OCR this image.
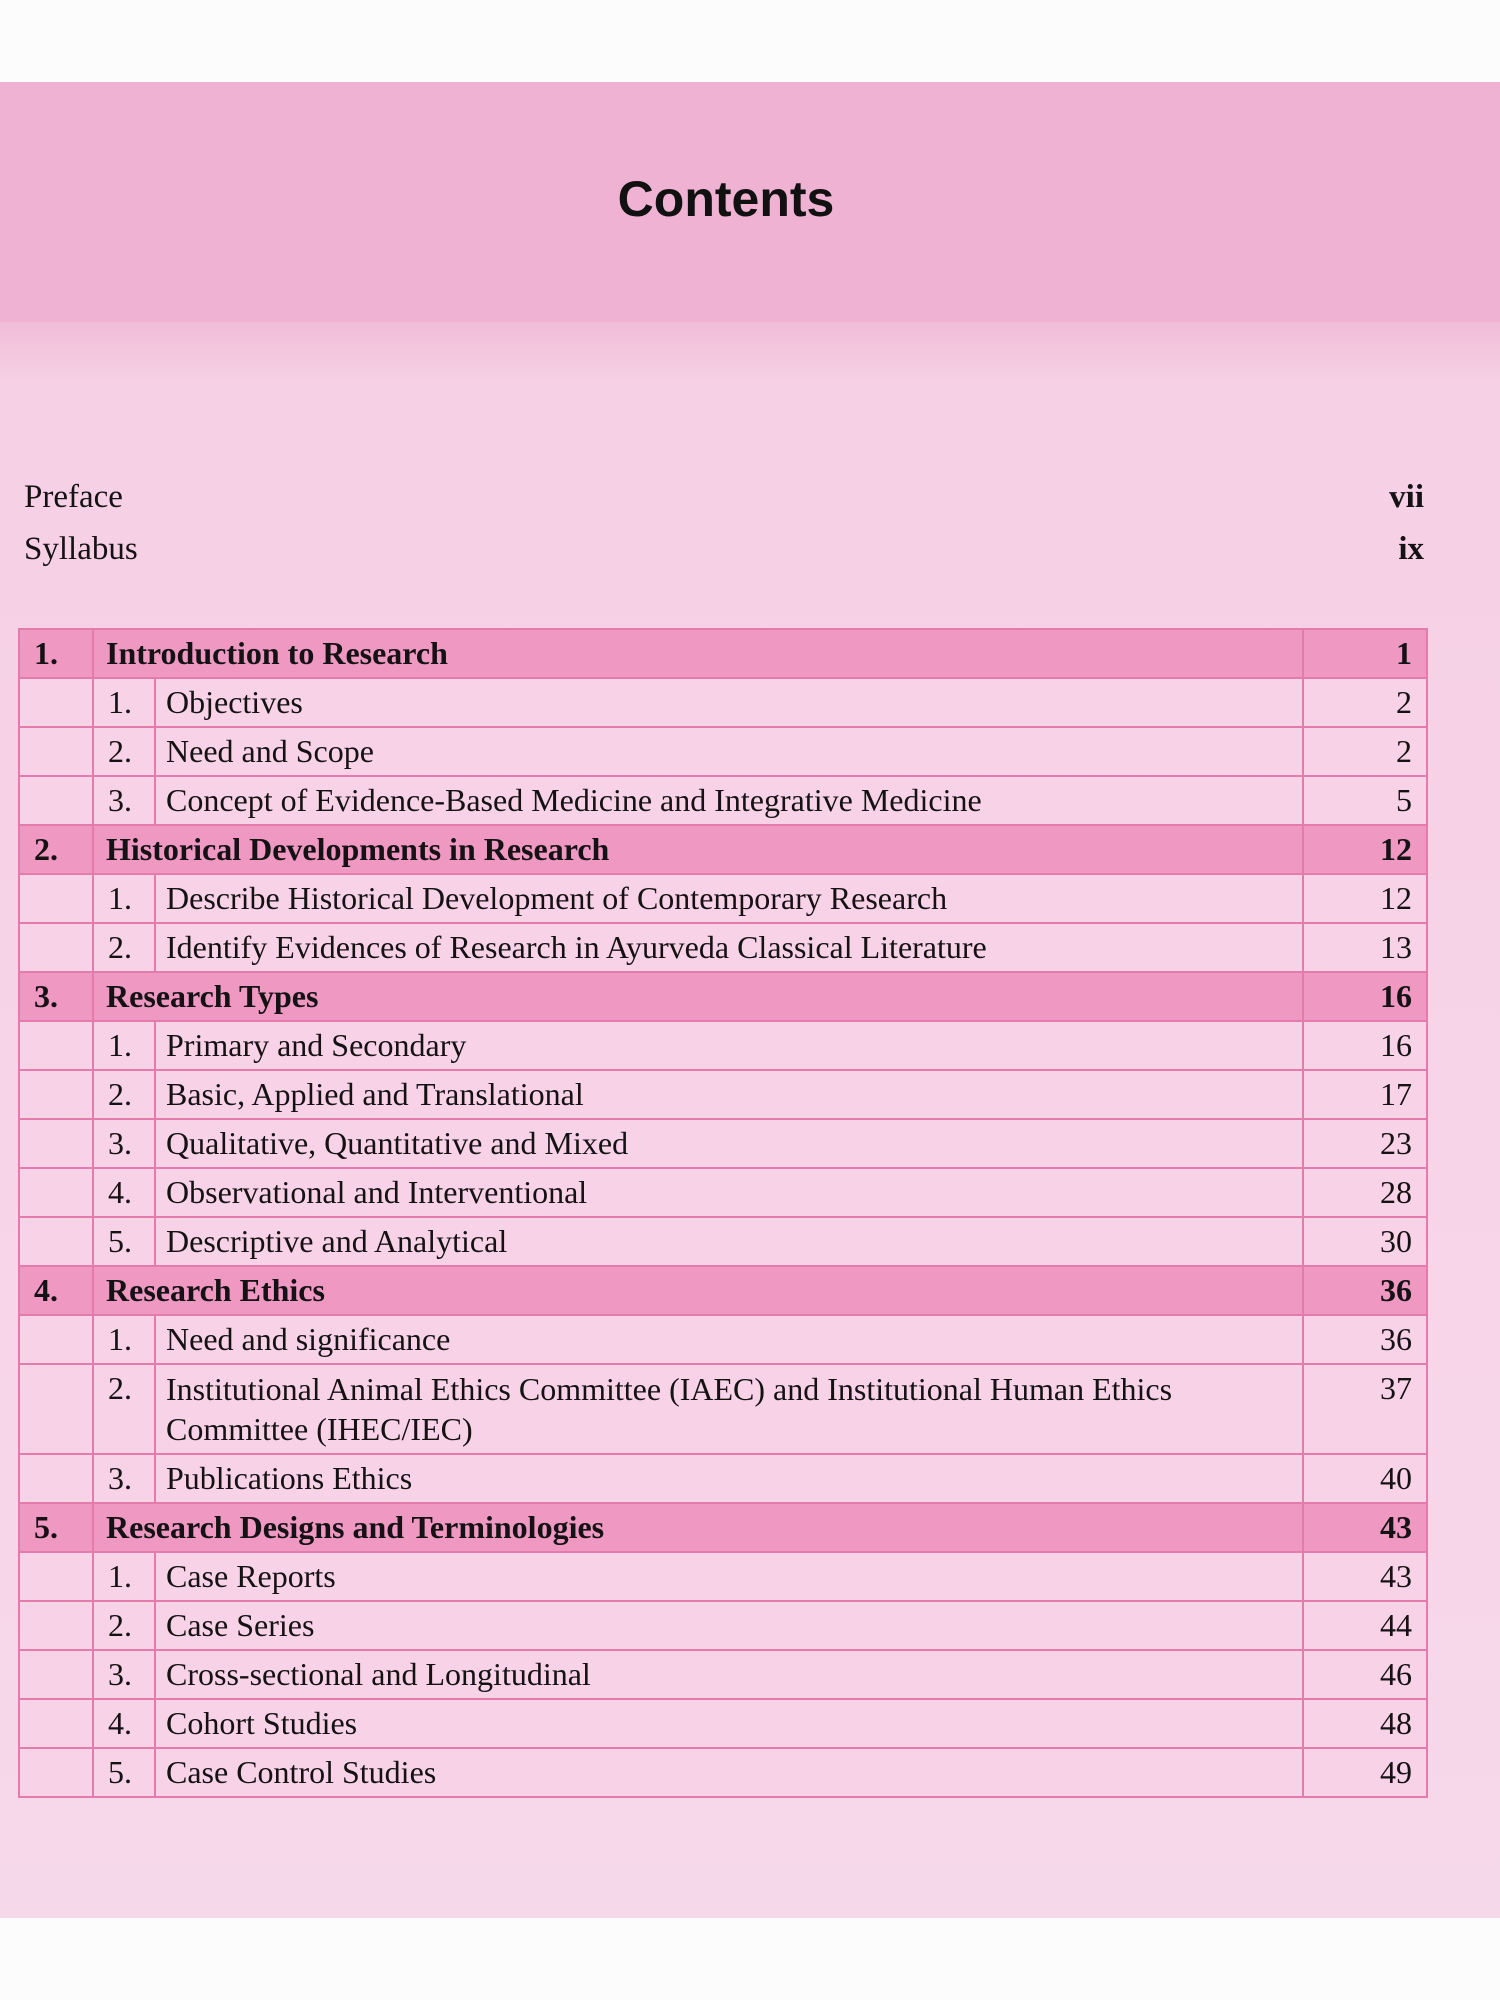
Contents
Preface	vii
Syllabus	ix
1.	Introduction to Research		1
	1.	Objectives	2
	2.	Need and Scope	2
	3.	Concept of Evidence-Based Medicine and Integrative Medicine	5
2.	Historical Developments in Research		12
	1.	Describe Historical Development of Contemporary Research	12
	2.	Identify Evidences of Research in Ayurveda Classical Literature	13
3.	Research Types		16
	1.	Primary and Secondary	16
	2.	Basic, Applied and Translational	17
	3.	Qualitative, Quantitative and Mixed	23
	4.	Observational and Interventional	28
	5.	Descriptive and Analytical	30
4.	Research Ethics		36
	1.	Need and significance	36
	2.	Institutional Animal Ethics Committee (IAEC) and Institutional Human Ethics Committee (IHEC/IEC)	37
	3.	Publications Ethics	40
5.	Research Designs and Terminologies		43
	1.	Case Reports	43
	2.	Case Series	44
	3.	Cross-sectional and Longitudinal	46
	4.	Cohort Studies	48
	5.	Case Control Studies	49
